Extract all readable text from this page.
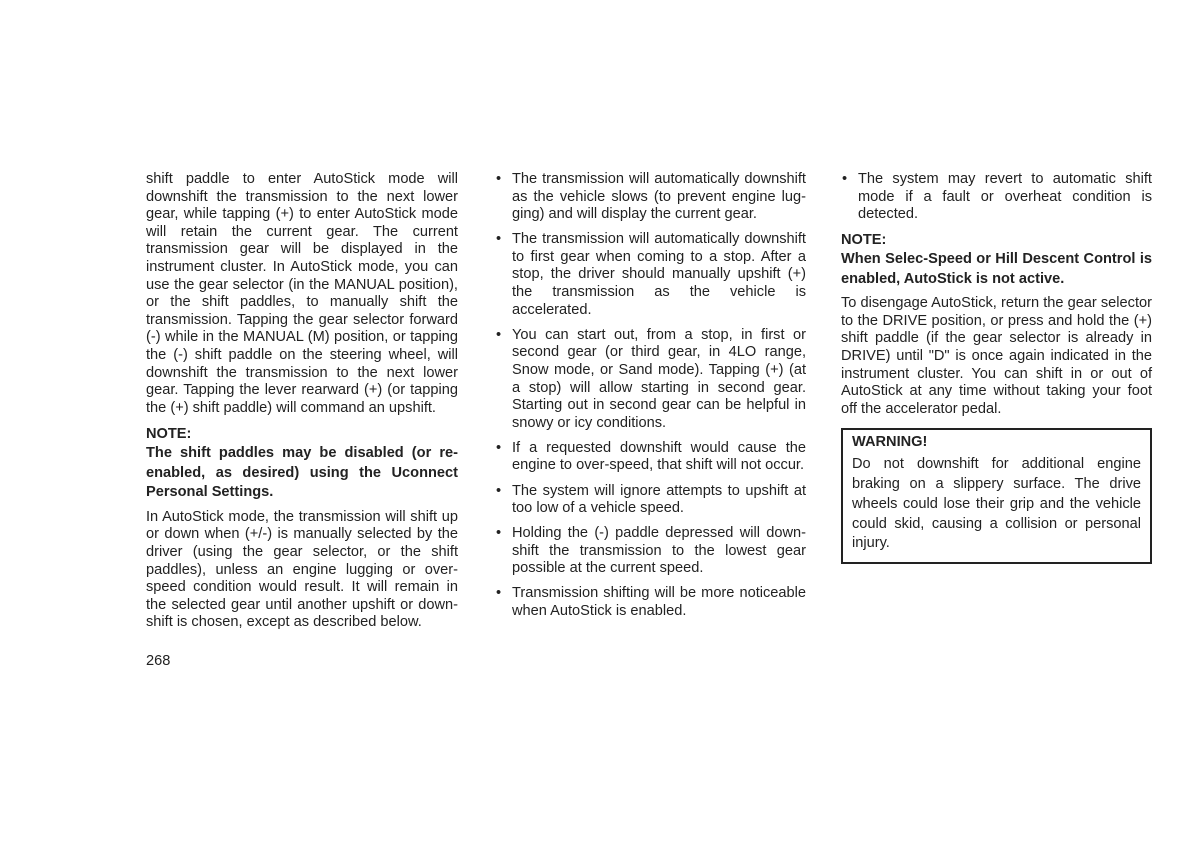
shift paddle to enter AutoStick mode will downshift the transmission to the next lower gear, while tapping (+) to enter AutoStick mode will retain the current gear. The current transmission gear will be displayed in the instrument cluster. In AutoStick mode, you can use the gear selector (in the MANUAL position), or the shift paddles, to manually shift the transmission. Tapping the gear selector forward (-) while in the MANUAL (M) position, or tapping the (-) shift paddle on the steering wheel, will downshift the transmission to the next lower gear. Tapping the lever rearward (+) (or tapping the (+) shift paddle) will command an upshift.

NOTE:

The shift paddles may be disabled (or re-enabled, as desired) using the Uconnect Personal Settings.

In AutoStick mode, the transmission will shift up or down when (+/-) is manually selected by the driver (using the gear selector, or the shift paddles), unless an engine lugging or over-speed condition would result. It will remain in the selected gear until another upshift or down-shift is chosen, except as described below.

• The transmission will automatically downshift as the vehicle slows (to prevent engine lug-ging) and will display the current gear.
• The transmission will automatically downshift to first gear when coming to a stop. After a stop, the driver should manually upshift (+) the transmission as the vehicle is accelerated.
• You can start out, from a stop, in first or second gear (or third gear, in 4LO range, Snow mode, or Sand mode). Tapping (+) (at a stop) will allow starting in second gear. Starting out in second gear can be helpful in snowy or icy conditions.
• If a requested downshift would cause the engine to over-speed, that shift will not occur.
• The system will ignore attempts to upshift at too low of a vehicle speed.
• Holding the (-) paddle depressed will down-shift the transmission to the lowest gear possible at the current speed.
• Transmission shifting will be more noticeable when AutoStick is enabled.
• The system may revert to automatic shift mode if a fault or overheat condition is detected.

NOTE:

When Selec-Speed or Hill Descent Control is enabled, AutoStick is not active.

To disengage AutoStick, return the gear selector to the DRIVE position, or press and hold the (+) shift paddle (if the gear selector is already in DRIVE) until "D" is once again indicated in the instrument cluster. You can shift in or out of AutoStick at any time without taking your foot off the accelerator pedal.

WARNING!

Do not downshift for additional engine braking on a slippery surface. The drive wheels could lose their grip and the vehicle could skid, causing a collision or personal injury.

268
